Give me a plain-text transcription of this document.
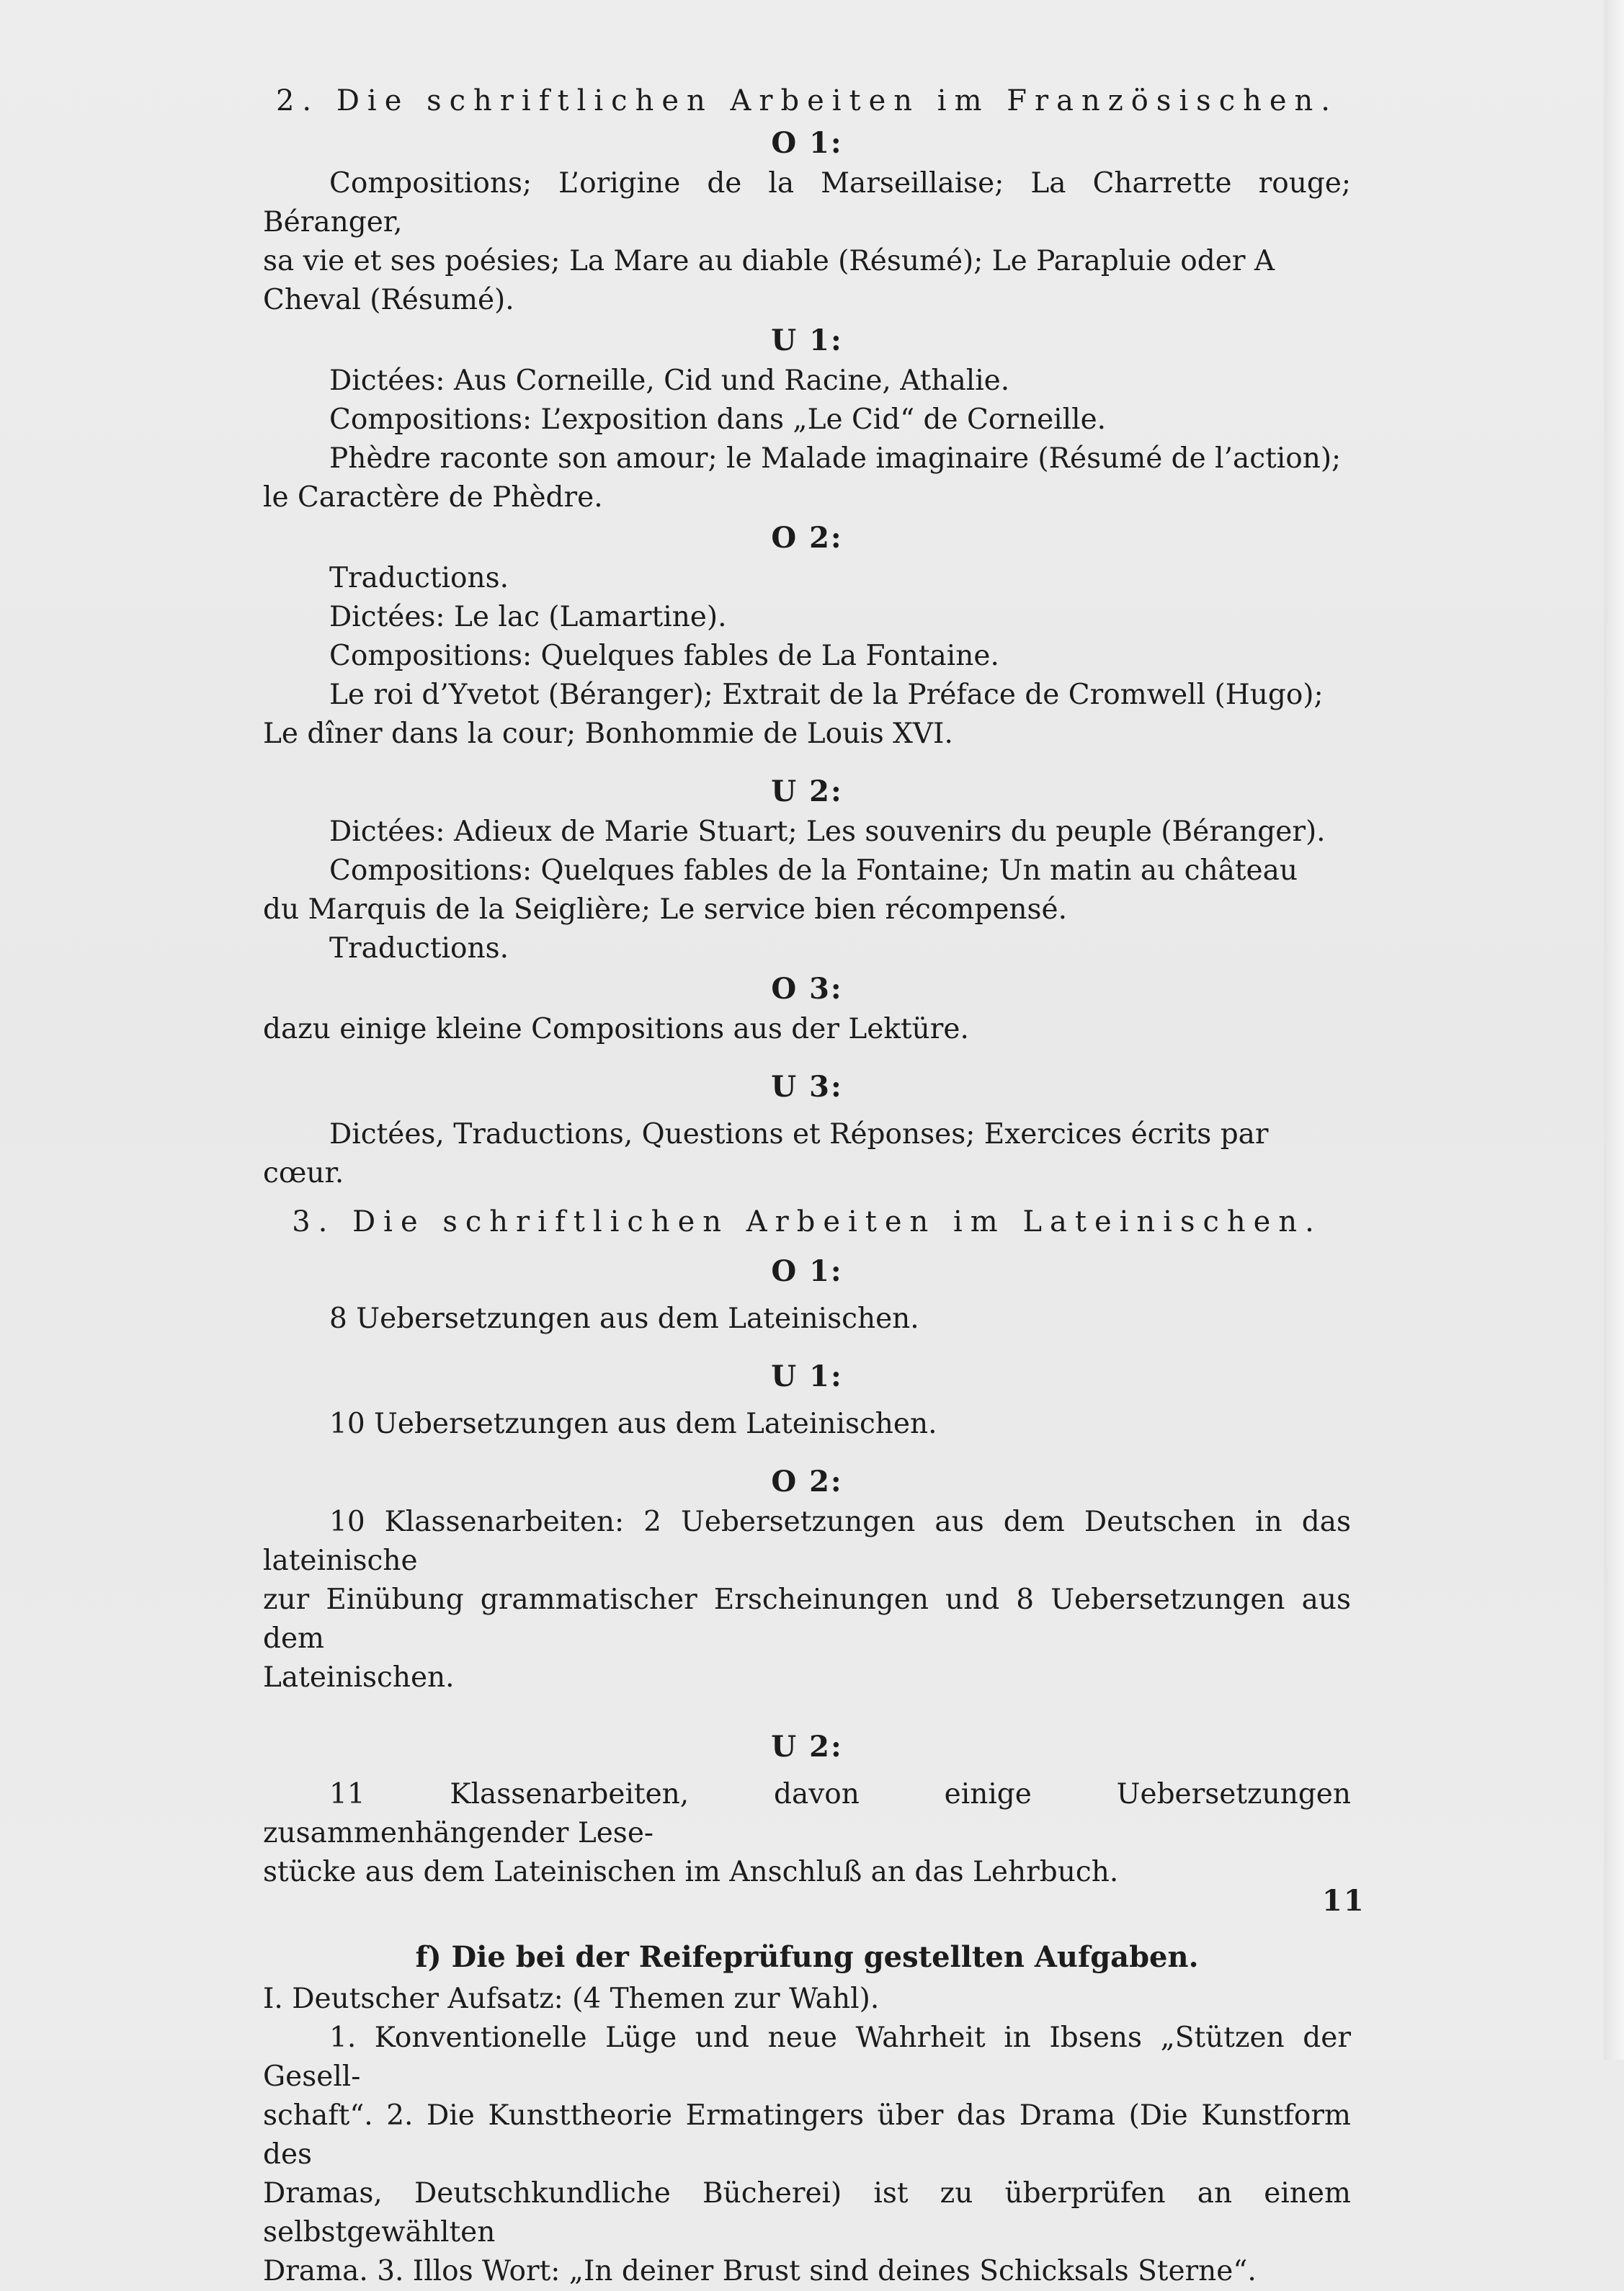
2. Die schriftlichen Arbeiten im Französischen.
O 1:
Compositions; L’origine de la Marseillaise; La Charrette rouge; Béranger,
sa vie et ses poésies; La Mare au diable (Résumé); Le Parapluie oder A
Cheval (Résumé).
U 1:
Dictées: Aus Corneille, Cid und Racine, Athalie.
Compositions: L’exposition dans „Le Cid“ de Corneille.
Phèdre raconte son amour; le Malade imaginaire (Résumé de l’action);
le Caractère de Phèdre.
O 2:
Traductions.
Dictées: Le lac (Lamartine).
Compositions: Quelques fables de La Fontaine.
Le roi d’Yvetot (Béranger); Extrait de la Préface de Cromwell (Hugo);
Le dîner dans la cour; Bonhommie de Louis XVI.
U 2:
Dictées: Adieux de Marie Stuart; Les souvenirs du peuple (Béranger).
Compositions: Quelques fables de la Fontaine; Un matin au château
du Marquis de la Seiglière; Le service bien récompensé.
Traductions.
O 3:
dazu einige kleine Compositions aus der Lektüre.
U 3:
Dictées, Traductions, Questions et Réponses; Exercices écrits par cœur.
3. Die schriftlichen Arbeiten im Lateinischen.
O 1:
8 Uebersetzungen aus dem Lateinischen.
U 1:
10 Uebersetzungen aus dem Lateinischen.
O 2:
10 Klassenarbeiten: 2 Uebersetzungen aus dem Deutschen in das lateinische
zur Einübung grammatischer Erscheinungen und 8 Uebersetzungen aus dem
Lateinischen.
U 2:
11 Klassenarbeiten, davon einige Uebersetzungen zusammenhängender Lese-
stücke aus dem Lateinischen im Anschluß an das Lehrbuch.
f) Die bei der Reifeprüfung gestellten Aufgaben.
I. Deutscher Aufsatz: (4 Themen zur Wahl).
1. Konventionelle Lüge und neue Wahrheit in Ibsens „Stützen der Gesell-
schaft“. 2. Die Kunsttheorie Ermatingers über das Drama (Die Kunstform des
Dramas, Deutschkundliche Bücherei) ist zu überprüfen an einem selbstgewählten
Drama. 3. Illos Wort: „In deiner Brust sind deines Schicksals Sterne“.
11
